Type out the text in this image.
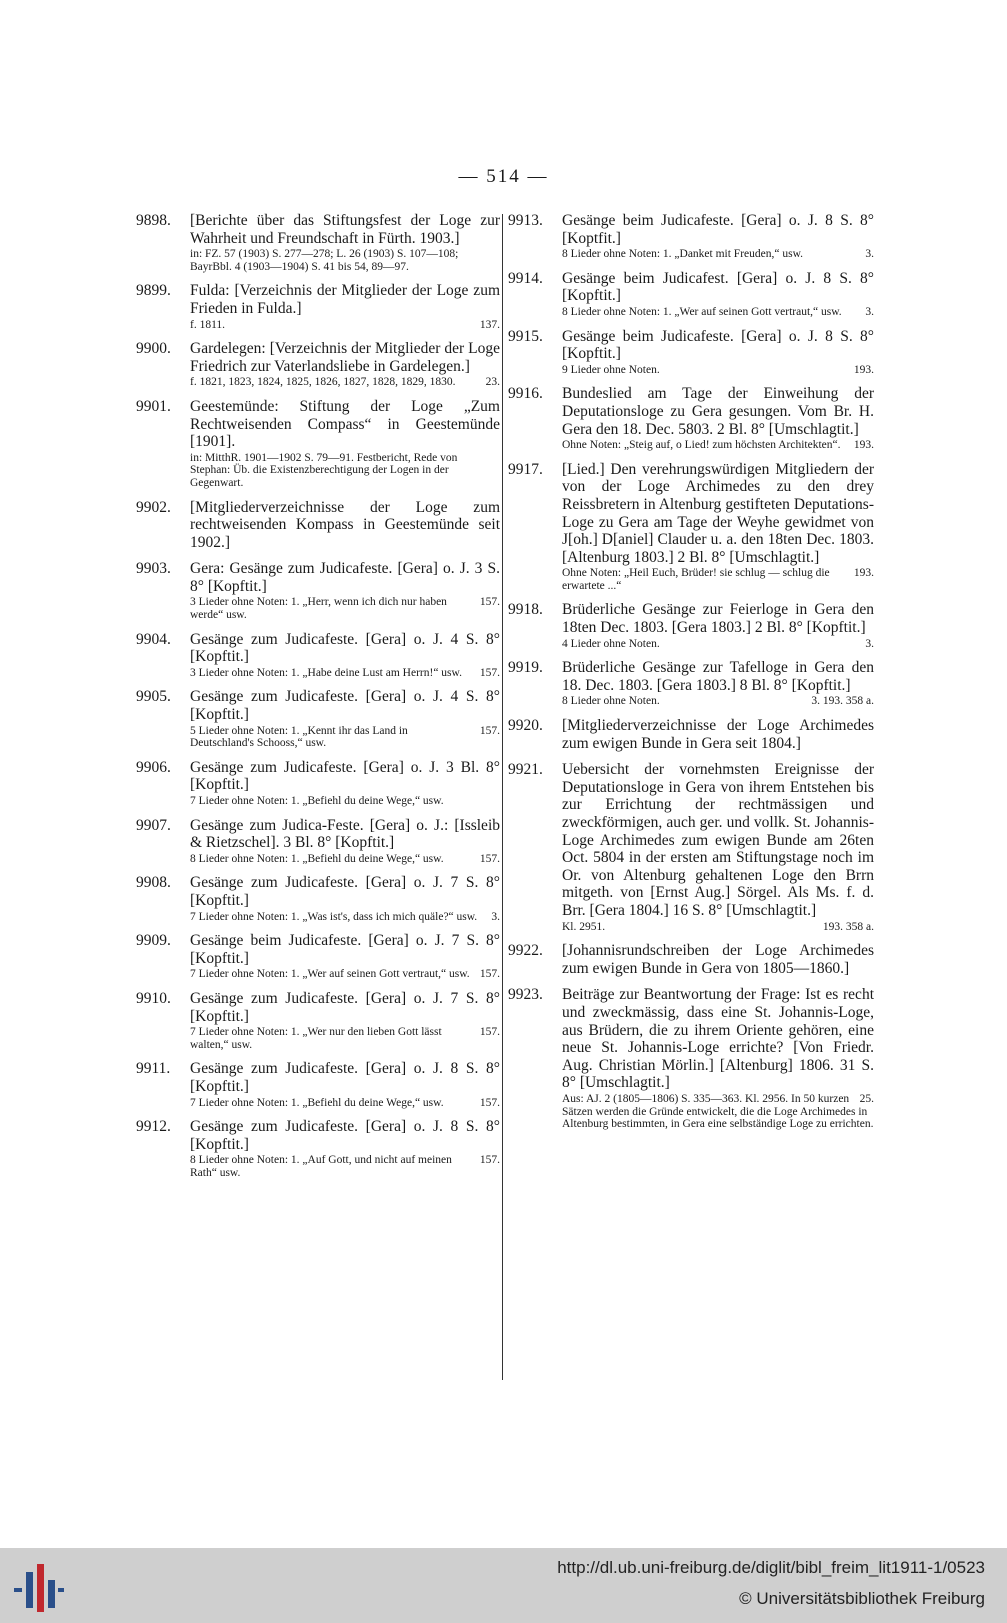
— 514 —
9898. [Berichte über das Stiftungsfest der Loge zur Wahrheit und Freundschaft in Fürth. 1903.]
in: FZ. 57 (1903) S. 277—278; L. 26 (1903) S. 107—108; BayrBbl. 4 (1903—1904) S. 41 bis 54, 89—97.
9899. Fulda: [Verzeichnis der Mitglieder der Loge zum Frieden in Fulda.]
137.
f. 1811.
9900. Gardelegen: [Verzeichnis der Mitglieder der Loge Friedrich zur Vaterlandsliebe in Gardelegen.]
23.
f. 1821, 1823, 1824, 1825, 1826, 1827, 1828, 1829, 1830.
9901. Geestemünde: Stiftung der Loge „Zum Rechtweisenden Compass“ in Geestemünde [1901].
in: MitthR. 1901—1902 S. 79—91. Festbericht, Rede von Stephan: Üb. die Existenzberechtigung der Logen in der Gegenwart.
9902. [Mitgliederverzeichnisse der Loge zum rechtweisenden Kompass in Geestemünde seit 1902.]
9903. Gera: Gesänge zum Judicafeste. [Gera] o. J. 3 S. 8° [Kopftit.]
157.
3 Lieder ohne Noten: 1. „Herr, wenn ich dich nur haben werde“ usw.
9904. Gesänge zum Judicafeste. [Gera] o. J. 4 S. 8° [Kopftit.]
157.
3 Lieder ohne Noten: 1. „Habe deine Lust am Herrn!“ usw.
9905. Gesänge zum Judicafeste. [Gera] o. J. 4 S. 8° [Kopftit.]
157.
5 Lieder ohne Noten: 1. „Kennt ihr das Land in Deutschland's Schooss,“ usw.
9906. Gesänge zum Judicafeste. [Gera] o. J. 3 Bl. 8° [Kopftit.]
7 Lieder ohne Noten: 1. „Befiehl du deine Wege,“ usw.
9907. Gesänge zum Judica-Feste. [Gera] o. J.: [Issleib & Rietzschel]. 3 Bl. 8° [Kopftit.]
157.
8 Lieder ohne Noten: 1. „Befiehl du deine Wege,“ usw.
9908. Gesänge zum Judicafeste. [Gera] o. J. 7 S. 8° [Kopftit.]
3.
7 Lieder ohne Noten: 1. „Was ist's, dass ich mich quäle?“ usw.
9909. Gesänge beim Judicafeste. [Gera] o. J. 7 S. 8° [Kopftit.]
157.
7 Lieder ohne Noten: 1. „Wer auf seinen Gott vertraut,“ usw.
9910. Gesänge zum Judicafeste. [Gera] o. J. 7 S. 8° [Kopftit.]
157.
7 Lieder ohne Noten: 1. „Wer nur den lieben Gott lässt walten,“ usw.
9911. Gesänge zum Judicafeste. [Gera] o. J. 8 S. 8° [Kopftit.]
157.
7 Lieder ohne Noten: 1. „Befiehl du deine Wege,“ usw.
9912. Gesänge zum Judicafeste. [Gera] o. J. 8 S. 8° [Kopftit.]
157.
8 Lieder ohne Noten: 1. „Auf Gott, und nicht auf meinen Rath“ usw.
9913. Gesänge beim Judicafeste. [Gera] o. J. 8 S. 8° [Koptfit.]
3.
8 Lieder ohne Noten: 1. „Danket mit Freuden,“ usw.
9914. Gesänge beim Judicafest. [Gera] o. J. 8 S. 8° [Kopftit.]
3.
8 Lieder ohne Noten: 1. „Wer auf seinen Gott vertraut,“ usw.
9915. Gesänge beim Judicafeste. [Gera] o. J. 8 S. 8° [Kopftit.]
193.
9 Lieder ohne Noten.
9916. Bundeslied am Tage der Einweihung der Deputationsloge zu Gera gesungen. Vom Br. H. Gera den 18. Dec. 5803. 2 Bl. 8° [Umschlagtit.]
193.
Ohne Noten: „Steig auf, o Lied! zum höchsten Architekten“.
9917. [Lied.] Den verehrungswürdigen Mitgliedern der von der Loge Archimedes zu den drey Reissbretern in Altenburg gestifteten Deputations-Loge zu Gera am Tage der Weyhe gewidmet von J[oh.] D[aniel] Clauder u. a. den 18ten Dec. 1803. [Altenburg 1803.] 2 Bl. 8° [Umschlagtit.]
193.
Ohne Noten: „Heil Euch, Brüder! sie schlug — schlug die erwartete ...“
9918. Brüderliche Gesänge zur Feierloge in Gera den 18ten Dec. 1803. [Gera 1803.] 2 Bl. 8° [Kopftit.]
3.
4 Lieder ohne Noten.
9919. Brüderliche Gesänge zur Tafelloge in Gera den 18. Dec. 1803. [Gera 1803.] 8 Bl. 8° [Kopftit.]
3. 193. 358 a.
8 Lieder ohne Noten.
9920. [Mitgliederverzeichnisse der Loge Archimedes zum ewigen Bunde in Gera seit 1804.]
9921. Uebersicht der vornehmsten Ereignisse der Deputationsloge in Gera von ihrem Entstehen bis zur Errichtung der rechtmässigen und zweckförmigen, auch ger. und vollk. St. Johannis-Loge Archimedes zum ewigen Bunde am 26ten Oct. 5804 in der ersten am Stiftungstage noch im Or. von Altenburg gehaltenen Loge den Brrn mitgeth. von [Ernst Aug.] Sörgel. Als Ms. f. d. Brr. [Gera 1804.] 16 S. 8° [Umschlagtit.]
193. 358 a.
Kl. 2951.
9922. [Johannisrundschreiben der Loge Archimedes zum ewigen Bunde in Gera von 1805—1860.]
9923. Beiträge zur Beantwortung der Frage: Ist es recht und zweckmässig, dass eine St. Johannis-Loge, aus Brüdern, die zu ihrem Oriente gehören, eine neue St. Johannis-Loge errichte? [Von Friedr. Aug. Christian Mörlin.] [Altenburg] 1806. 31 S. 8° [Umschlagtit.]
25.
Aus: AJ. 2 (1805—1806) S. 335—363. Kl. 2956. In 50 kurzen Sätzen werden die Gründe entwickelt, die die Loge Archimedes in Altenburg bestimmten, in Gera eine selbständige Loge zu errichten.
http://dl.ub.uni-freiburg.de/diglit/bibl_freim_lit1911-1/0523
© Universitätsbibliothek Freiburg
